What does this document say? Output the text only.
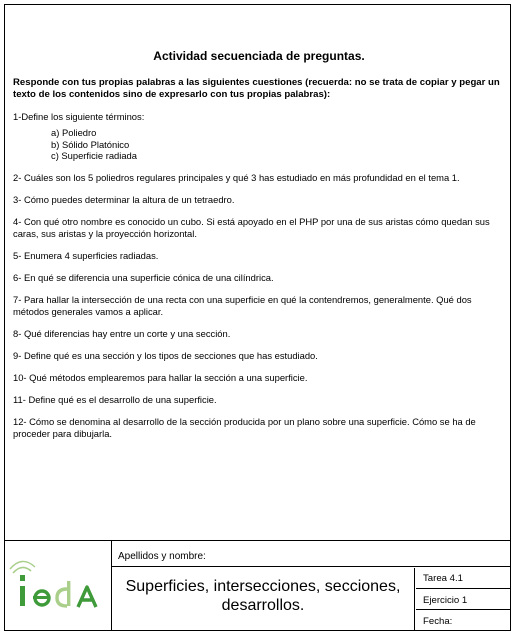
Actividad secuenciada de preguntas.

Responde con tus propias palabras a las siguientes cuestiones (recuerda: no se trata de copiar y pegar un texto de los contenidos sino de expresarlo con tus propias palabras):

1-Define los siguiente términos:

a) Poliedro
b) Sólido Platónico
c) Superficie radiada

2- Cuáles son los 5 poliedros regulares principales y qué 3 has estudiado en más profundidad en el tema 1.

3- Cómo puedes determinar la altura de un tetraedro.

4- Con qué otro nombre es conocido un cubo. Si está apoyado en el PHP por una de sus aristas cómo quedan sus caras, sus aristas y la proyección horizontal.

5- Enumera 4 superficies radiadas.

6- En qué se diferencia una superficie cónica de una cilíndrica.

7- Para hallar la intersección de una recta con una superficie en qué la contendremos, generalmente. Qué dos métodos generales vamos a aplicar.

8- Qué diferencias hay entre un corte y una sección.

9- Define qué es una sección y los tipos de secciones que has estudiado.

10- Qué métodos emplearemos para hallar la sección a una superficie.

11- Define qué es el desarrollo de una superficie.

12- Cómo se denomina al desarrollo de la sección producida por un plano sobre una superficie. Cómo se ha de proceder para dibujarla.

Apellidos y nombre:
Superficies, intersecciones, secciones, desarrollos.
Tarea 4.1
Ejercicio 1
Fecha:
